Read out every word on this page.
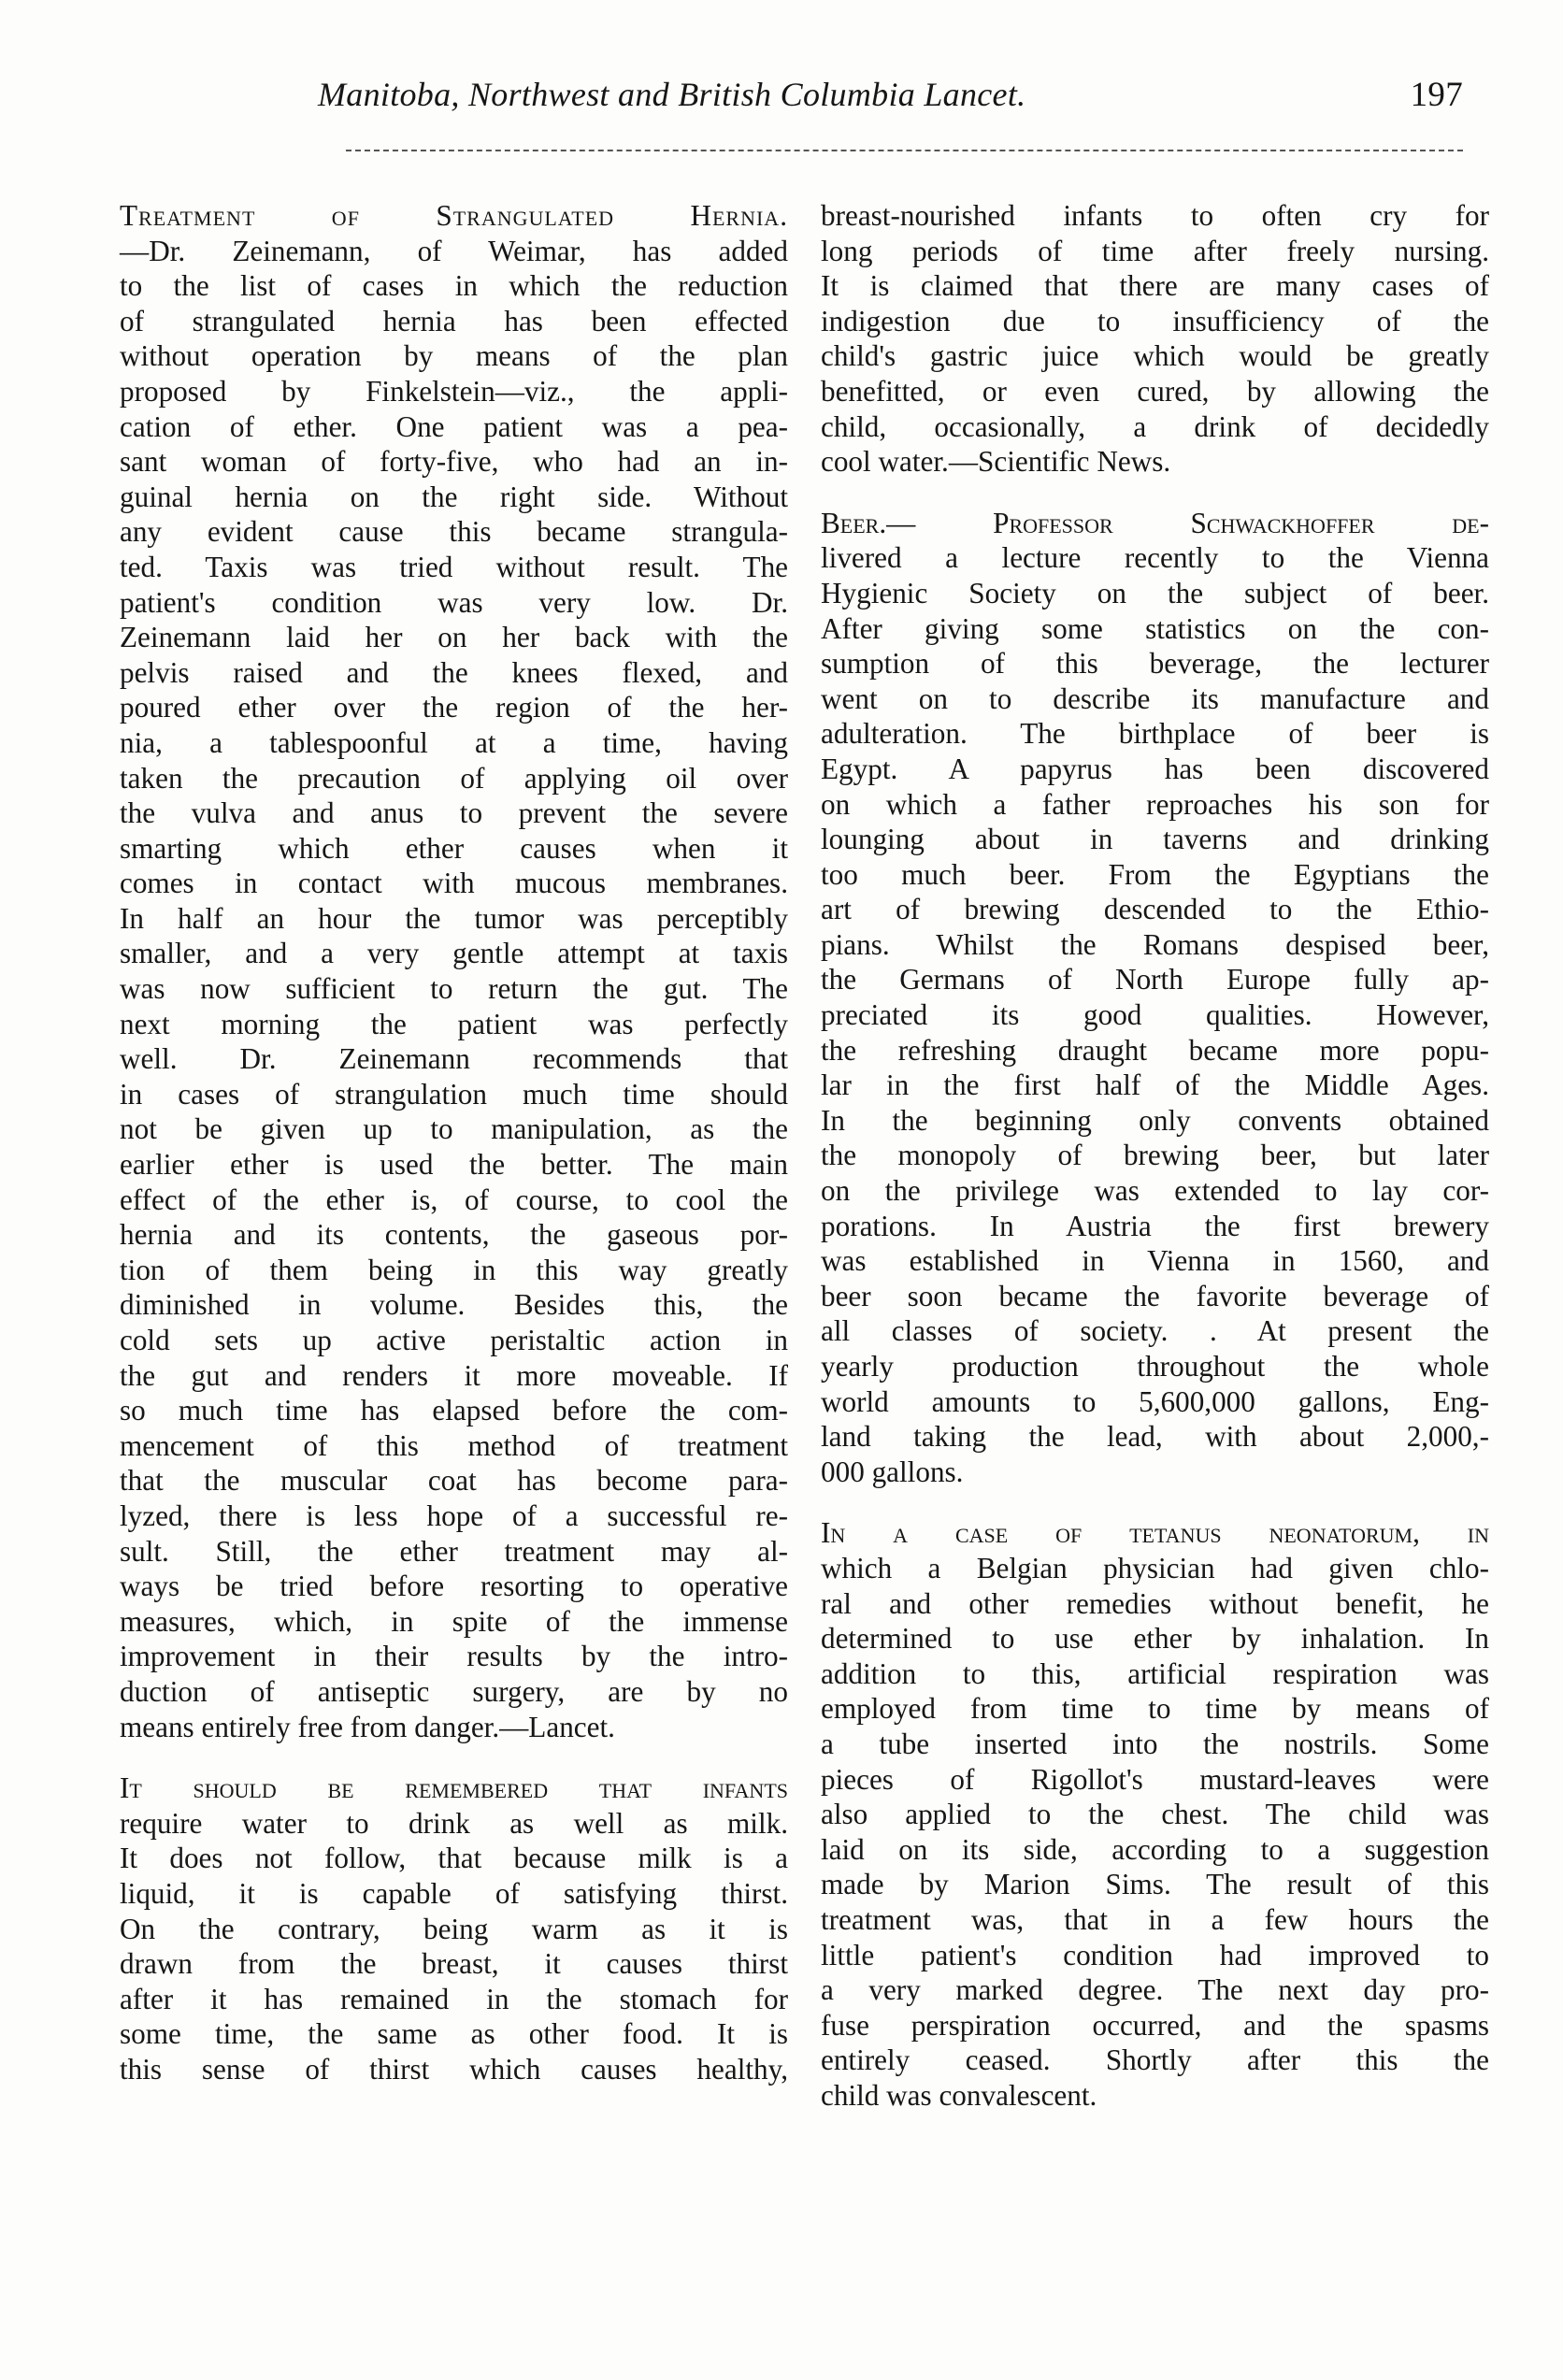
Manitoba, Northwest and British Columbia Lancet.	197
Treatment of Strangulated Hernia.
—Dr. Zeinemann, of Weimar, has added
to the list of cases in which the reduction
of strangulated hernia has been effected
without operation by means of the plan
proposed by Finkelstein—viz., the appli-
cation of ether. One patient was a pea-
sant woman of forty-five, who had an in-
guinal hernia on the right side. Without
any evident cause this became strangula-
ted. Taxis was tried without result. The
patient's condition was very low. Dr.
Zeinemann laid her on her back with the
pelvis raised and the knees flexed, and
poured ether over the region of the her-
nia, a tablespoonful at a time, having
taken the precaution of applying oil over
the vulva and anus to prevent the severe
smarting which ether causes when it
comes in contact with mucous membranes.
In half an hour the tumor was perceptibly
smaller, and a very gentle attempt at taxis
was now sufficient to return the gut. The
next morning the patient was perfectly
well. Dr. Zeinemann recommends that
in cases of strangulation much time should
not be given up to manipulation, as the
earlier ether is used the better. The main
effect of the ether is, of course, to cool the
hernia and its contents, the gaseous por-
tion of them being in this way greatly
diminished in volume. Besides this, the
cold sets up active peristaltic action in
the gut and renders it more moveable. If
so much time has elapsed before the com-
mencement of this method of treatment
that the muscular coat has become para-
lyzed, there is less hope of a successful re-
sult. Still, the ether treatment may al-
ways be tried before resorting to operative
measures, which, in spite of the immense
improvement in their results by the intro-
duction of antiseptic surgery, are by no
means entirely free from danger.—Lancet.
It should be remembered that infants
require water to drink as well as milk.
It does not follow, that because milk is a
liquid, it is capable of satisfying thirst.
On the contrary, being warm as it is
drawn from the breast, it causes thirst
after it has remained in the stomach for
some time, the same as other food. It is
this sense of thirst which causes healthy,
breast-nourished infants to often cry for
long periods of time after freely nursing.
It is claimed that there are many cases of
indigestion due to insufficiency of the
child's gastric juice which would be greatly
benefitted, or even cured, by allowing the
child, occasionally, a drink of decidedly
cool water.—Scientific News.
Beer.— Professor Schwackhoffer de-
livered a lecture recently to the Vienna
Hygienic Society on the subject of beer.
After giving some statistics on the con-
sumption of this beverage, the lecturer
went on to describe its manufacture and
adulteration. The birthplace of beer is
Egypt. A papyrus has been discovered
on which a father reproaches his son for
lounging about in taverns and drinking
too much beer. From the Egyptians the
art of brewing descended to the Ethio-
pians. Whilst the Romans despised beer,
the Germans of North Europe fully ap-
preciated its good qualities. However,
the refreshing draught became more popu-
lar in the first half of the Middle Ages.
In the beginning only convents obtained
the monopoly of brewing beer, but later
on the privilege was extended to lay cor-
porations. In Austria the first brewery
was established in Vienna in 1560, and
beer soon became the favorite beverage of
all classes of society. . At present the
yearly production throughout the whole
world amounts to 5,600,000 gallons, Eng-
land taking the lead, with about 2,000,-
000 gallons.
In a case of tetanus neonatorum, in
which a Belgian physician had given chlo-
ral and other remedies without benefit, he
determined to use ether by inhalation. In
addition to this, artificial respiration was
employed from time to time by means of
a tube inserted into the nostrils. Some
pieces of Rigollot's mustard-leaves were
also applied to the chest. The child was
laid on its side, according to a suggestion
made by Marion Sims. The result of this
treatment was, that in a few hours the
little patient's condition had improved to
a very marked degree. The next day pro-
fuse perspiration occurred, and the spasms
entirely ceased. Shortly after this the
child was convalescent.
